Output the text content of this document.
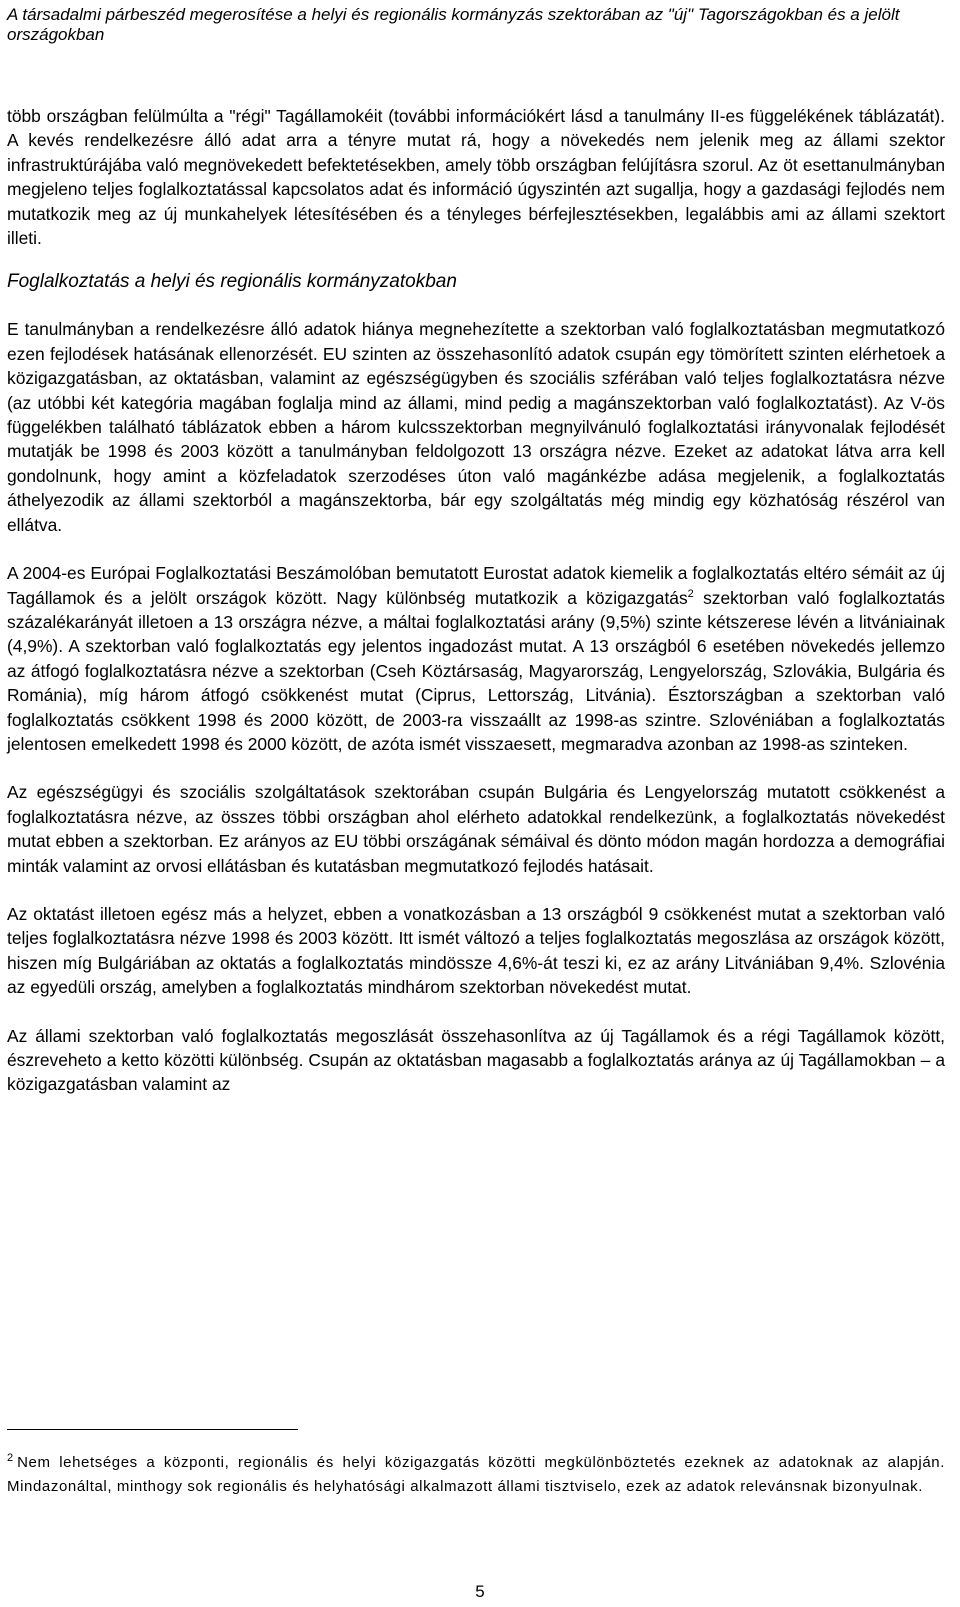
A társadalmi párbeszéd megerosítése a helyi és regionális kormányzás szektorában az "új" Tagországokban és a jelölt országokban

több országban felülmúlta a "régi" Tagállamokéit (további információkért lásd a tanulmány II-es függelékének táblázatát). A kevés rendelkezésre álló adat arra a tényre mutat rá, hogy a növekedés nem jelenik meg az állami szektor infrastruktúrájába való megnövekedett befektetésekben, amely több országban felújításra szorul. Az öt esettanulmányban megjeleno teljes foglalkoztatással kapcsolatos adat és információ úgyszintén azt sugallja, hogy a gazdasági fejlodés nem mutatkozik meg az új munkahelyek létesítésében és a tényleges bérfejlesztésekben, legalábbis ami az állami szektort illeti.

Foglalkoztatás a helyi és regionális kormányzatokban

E tanulmányban a rendelkezésre álló adatok hiánya megnehezítette a szektorban való foglalkoztatásban megmutatkozó ezen fejlodések hatásának ellenorzését. EU szinten az összehasonlító adatok csupán egy tömörített szinten elérhetoek a közigazgatásban, az oktatásban, valamint az egészségügyben és szociális szférában való teljes foglalkoztatásra nézve (az utóbbi két kategória magában foglalja mind az állami, mind pedig a magánszektorban való foglalkoztatást). Az V-ös függelékben található táblázatok ebben a három kulcsszektorban megnyilvánuló foglalkoztatási irányvonalak fejlodését mutatják be 1998 és 2003 között a tanulmányban feldolgozott 13 országra nézve. Ezeket az adatokat látva arra kell gondolnunk, hogy amint a közfeladatok szerzodéses úton való magánkézbe adása megjelenik, a foglalkoztatás áthelyezodik az állami szektorból a magánszektorba, bár egy szolgáltatás még mindig egy közhatóság részérol van ellátva.

A 2004-es Európai Foglalkoztatási Beszámolóban bemutatott Eurostat adatok kiemelik a foglalkoztatás eltéro sémáit az új Tagállamok és a jelölt országok között. Nagy különbség mutatkozik a közigazgatás$^2$ szektorban való foglalkoztatás százalékarányát illetoen a 13 országra nézve, a máltai foglalkoztatási arány (9,5%) szinte kétszerese lévén a litvániainak (4,9%). A szektorban való foglalkoztatás egy jelentos ingadozást mutat. A 13 országból 6 esetében növekedés jellemzo az átfogó foglalkoztatásra nézve a szektorban (Cseh Köztársaság, Magyarország, Lengyelország, Szlovákia, Bulgária és Románia), míg három átfogó csökkenést mutat (Ciprus, Lettország, Litvánia). Észtországban a szektorban való foglalkoztatás csökkent 1998 és 2000 között, de 2003-ra visszaállt az 1998-as szintre. Szlovéniában a foglalkoztatás jelentosen emelkedett 1998 és 2000 között, de azóta ismét visszaesett, megmaradva azonban az 1998-as szinteken.

Az egészségügyi és szociális szolgáltatások szektorában csupán Bulgária és Lengyelország mutatott csökkenést a foglalkoztatásra nézve, az összes többi országban ahol elérheto adatokkal rendelkezünk, a foglalkoztatás növekedést mutat ebben a szektorban. Ez arányos az EU többi országának sémáival és dönto módon magán hordozza a demográfiai minták valamint az orvosi ellátásban és kutatásban megmutatkozó fejlodés hatásait.

Az oktatást illetoen egész más a helyzet, ebben a vonatkozásban a 13 országból 9 csökkenést mutat a szektorban való teljes foglalkoztatásra nézve 1998 és 2003 között. Itt ismét változó a teljes foglalkoztatás megoszlása az országok között, hiszen míg Bulgáriában az oktatás a foglalkoztatás mindössze 4,6%-át teszi ki, ez az arány Litvániában 9,4%. Szlovénia az egyedüli ország, amelyben a foglalkoztatás mindhárom szektorban növekedést mutat.

Az állami szektorban való foglalkoztatás megoszlását összehasonlítva az új Tagállamok és a régi Tagállamok között, észreveheto a ketto közötti különbség. Csupán az oktatásban magasabb a foglalkoztatás aránya az új Tagállamokban – a közigazgatásban valamint az

$^2$ Nem lehetséges a központi, regionális és helyi közigazgatás közötti megkülönböztetés ezeknek az adatoknak az alapján. Mindazonáltal, minthogy sok regionális és helyhatósági alkalmazott állami tisztviselo, ezek az adatok relevánsnak bizonyulnak.

5
